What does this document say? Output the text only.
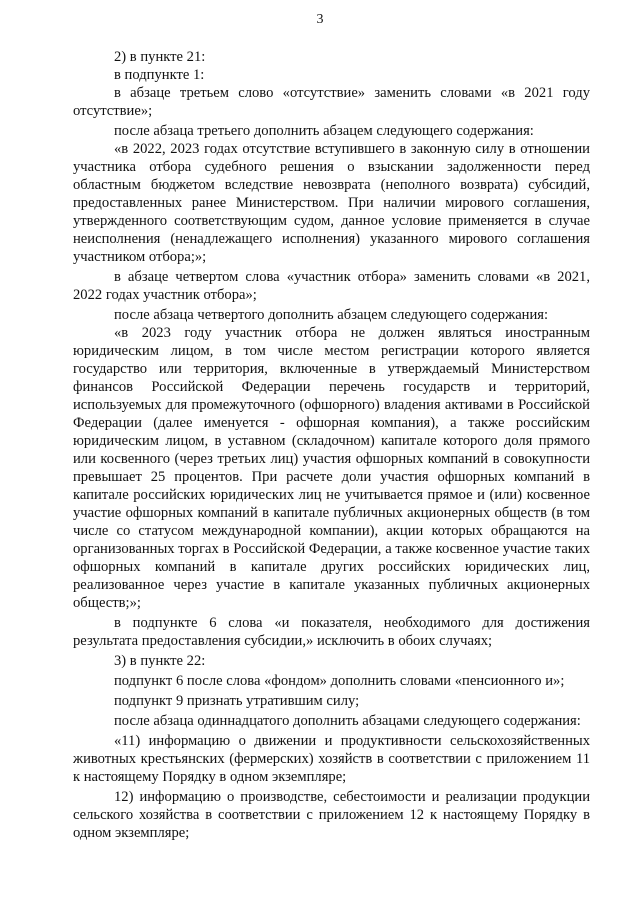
3

2) в пункте 21:

в подпункте 1:

в абзаце третьем слово «отсутствие» заменить словами «в 2021 году отсутствие»;

после абзаца третьего дополнить абзацем следующего содержания:

«в 2022, 2023 годах отсутствие вступившего в законную силу в отношении участника отбора судебного решения о взыскании задолженности перед областным бюджетом вследствие невозврата (неполного возврата) субсидий, предоставленных ранее Министерством. При наличии мирового соглашения, утвержденного соответствующим судом, данное условие применяется в случае неисполнения (ненадлежащего исполнения) указанного мирового соглашения участником отбора;»;

в абзаце четвертом слова «участник отбора» заменить словами «в 2021, 2022 годах участник отбора»;

после абзаца четвертого дополнить абзацем следующего содержания:

«в 2023 году участник отбора не должен являться иностранным юридическим лицом, в том числе местом регистрации которого является государство или территория, включенные в утверждаемый Министерством финансов Российской Федерации перечень государств и территорий, используемых для промежуточного (офшорного) владения активами в Российской Федерации (далее именуется - офшорная компания), а также российским юридическим лицом, в уставном (складочном) капитале которого доля прямого или косвенного (через третьих лиц) участия офшорных компаний в совокупности превышает 25 процентов. При расчете доли участия офшорных компаний в капитале российских юридических лиц не учитывается прямое и (или) косвенное участие офшорных компаний в капитале публичных акционерных обществ (в том числе со статусом международной компании), акции которых обращаются на организованных торгах в Российской Федерации, а также косвенное участие таких офшорных компаний в капитале других российских юридических лиц, реализованное через участие в капитале указанных публичных акционерных обществ;»;

в подпункте 6 слова «и показателя, необходимого для достижения результата предоставления субсидии,» исключить в обоих случаях;

3) в пункте 22:

подпункт 6 после слова «фондом» дополнить словами «пенсионного и»;

подпункт 9 признать утратившим силу;

после абзаца одиннадцатого дополнить абзацами следующего содержания:

«11) информацию о движении и продуктивности сельскохозяйственных животных крестьянских (фермерских) хозяйств в соответствии с приложением 11 к настоящему Порядку в одном экземпляре;

12) информацию о производстве, себестоимости и реализации продукции сельского хозяйства в соответствии с приложением 12 к настоящему Порядку в одном экземпляре;
